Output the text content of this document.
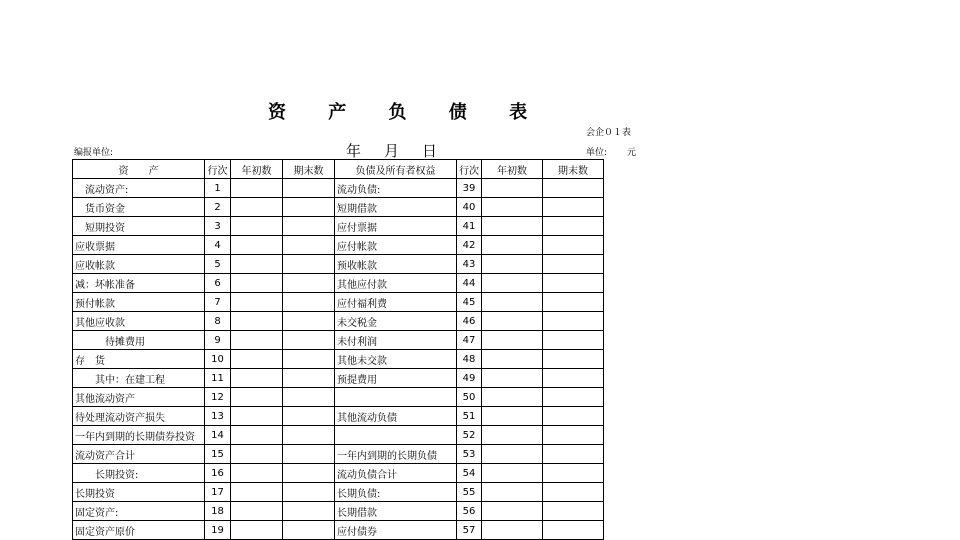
资 产 负 债 表
会企０１表
编报单位:	年　月　日	单位: 元
资　　产	行次	年初数	期末数	负债及所有者权益	行次	年初数	期末数
　流动资产:	1			流动负债:	39		
　货币资金	2			短期借款	40		
　短期投资	3			应付票据	41		
应收票据	4			应付帐款	42		
应收帐款	5			预收帐款	43		
减：坏帐准备	6			其他应付款	44		
预付帐款	7			应付福利费	45		
其他应收款	8			未交税金	46		
　　　待摊费用	9			未付利润	47		
存　货	10			其他未交款	48		
　　其中：在建工程	11			预提费用	49		
其他流动资产	12				50		
待处理流动资产损失	13			其他流动负债	51		
一年内到期的长期债券投资	14				52		
流动资产合计	15			一年内到期的长期负债	53		
　　长期投资:	16			流动负债合计	54		
长期投资	17			长期负债:	55		
固定资产:	18			长期借款	56		
固定资产原价	19			应付债券	57		
